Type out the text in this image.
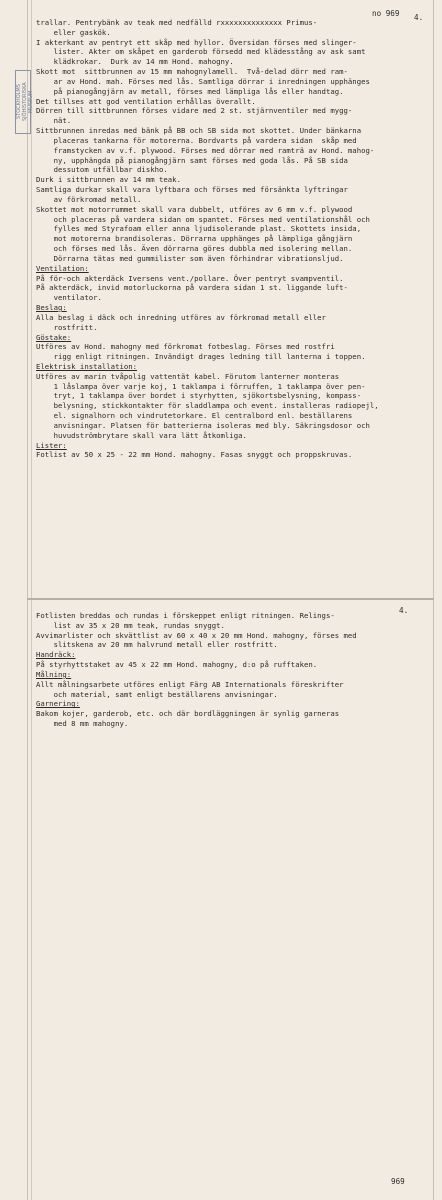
STOCKHOLMS SJÖHISTORISKA MUSEUM
no 969 4.
trallar. Pentrybänk av teak med nedfälld rxxxxxxxxxxxxxx Primus-
eller gaskök.
I akterkant av pentryt ett skåp med hyllor. Översidan förses med slinger-
lister. Akter om skåpet en garderob försedd med klädesstång av ask samt
klädkrokar.  Durk av 14 mm Hond. mahogny.
Skott mot  sittbrunnen av 15 mm mahognylamell.  Två-delad dörr med ram-
ar av Hond. mah. Förses med lås. Samtliga dörrar i inredningen upphänges
på pianogångjärn av metall, förses med lämpliga lås eller handtag.
Det tillses att god ventilation erhållas överallt.
Dörren till sittbrunnen förses vidare med 2 st. stjärnventiler med mygg-
nät.
Sittbrunnen inredas med bänk på BB och SB sida mot skottet. Under bänkarna
placeras tankarna för motorerna. Bordvarts på vardera sidan  skåp med
framstycken av v.f. plywood. Förses med dörrar med ramträ av Hond. mahog-
ny, upphängda på pianogångjärn samt förses med goda lås. På SB sida
dessutom utfällbar diskho.
Durk i sittbrunnen av 14 mm teak.
Samtliga durkar skall vara lyftbara och förses med försänkta lyftringar
av förkromad metall.
Skottet mot motorrummet skall vara dubbelt, utföres av 6 mm v.f. plywood
och placeras på vardera sidan om spantet. Förses med ventilationshål och
fylles med Styrafoam eller anna ljudisolerande plast. Skottets insida,
mot motorerna brandisoleras. Dörrarna upphänges på lämpliga gångjärn
och förses med lås. Även dörrarna göres dubbla med isolering mellan.
Dörrarna tätas med gummilister som även förhindrar vibrationsljud.
Ventilation:
På för-och akterdäck Iversens vent./pollare. Över pentryt svampventil.
På akterdäck, invid motorluckorna på vardera sidan 1 st. liggande luft-
ventilator.
Beslag:
Alla beslag i däck och inredning utföres av förkromad metall eller
rostfritt.
Göstake:
Utföres av Hond. mahogny med förkromat fotbeslag. Förses med rostfri
rigg enligt ritningen. Invändigt drages ledning till lanterna i toppen.
Elektrisk installation:
Utföres av marin tvåpolig vattentät kabel. Förutom lanterner monteras
1 låslampa över varje koj, 1 taklampa i förruffen, 1 taklampa över pen-
tryt, 1 taklampa över bordet i styrhytten, sjökortsbelysning, kompass-
belysning, stickkontakter för sladdlampa och event. installeras radiopejl,
el. signalhorn och vindrutetorkare. El centralbord enl. beställarens
anvisningar. Platsen för batterierna isoleras med bly. Säkringsdosor och
huvudströmbrytare skall vara lätt åtkomliga.
Lister:
Fotlist av 50 x 25 - 22 mm Hond. mahogny. Fasas snyggt och proppskruvas.
4.
Fotlisten breddas och rundas i förskeppet enligt ritningen. Relings-
list av 35 x 20 mm teak, rundas snyggt.
Avvimarlister och skvättlist av 60 x 40 x 20 mm Hond. mahogny, förses med
slitskena av 20 mm halvrund metall eller rostfritt.
Handräck:
På styrhyttstaket av 45 x 22 mm Hond. mahogny, d:o på rufftaken.
Målning:
Allt målningsarbete utföres enligt Färg AB Internationals föreskrifter
och material, samt enligt beställarens anvisningar.
Garnering:
Bakom kojer, garderob, etc. och där bordläggningen är synlig garneras
med 8 mm mahogny.
969
